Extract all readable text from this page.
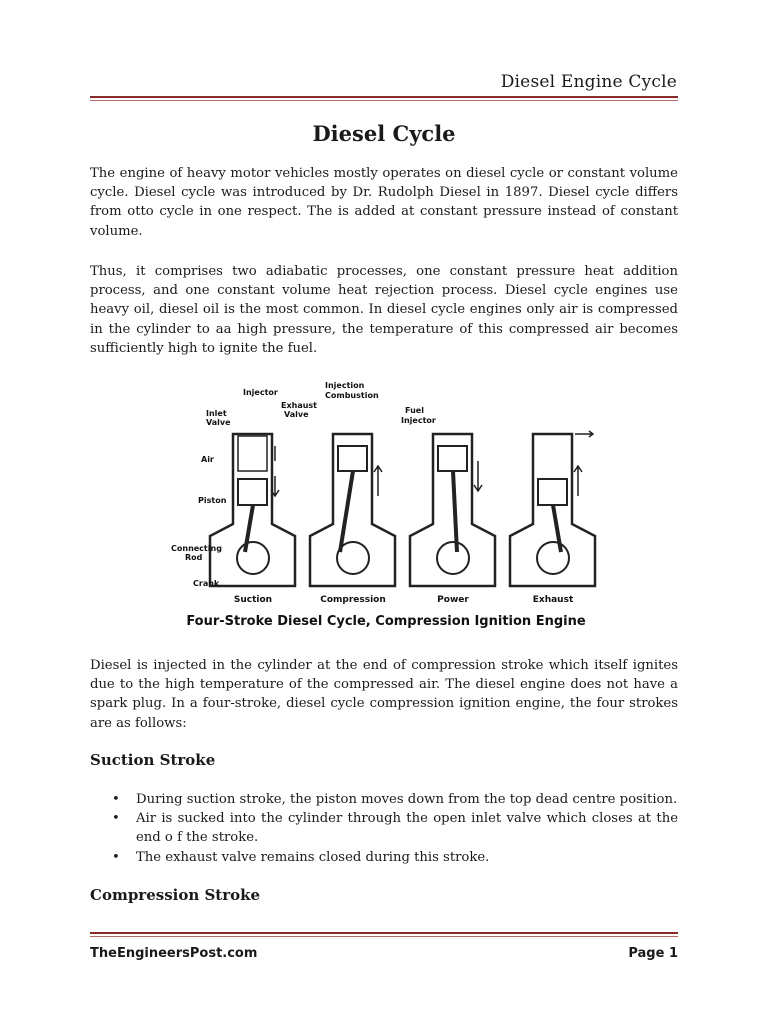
Diesel Engine Cycle
Diesel Cycle
The engine of heavy motor vehicles mostly operates on diesel cycle or constant volume cycle. Diesel cycle was introduced by Dr. Rudolph Diesel in 1897. Diesel cycle differs from otto cycle in one respect. The is added at constant pressure instead of constant volume.
Thus, it comprises two adiabatic processes, one constant pressure heat addition process, and one constant volume heat rejection process. Diesel cycle engines use heavy oil, diesel oil is the most common. In diesel cycle engines only air is compressed in the cylinder to aa high pressure, the temperature of this compressed air becomes sufficiently high to ignite the fuel.
Injector
Exhaust
Valve
Inlet
Valve
Air
Piston
Connecting
Rod
Crank
Injection
Combustion
Fuel
Injector
Suction	Compression	Power	Exhaust
Four-Stroke Diesel Cycle, Compression Ignition Engine
Diesel is injected in the cylinder at the end of compression stroke which itself ignites due to the high temperature of the compressed air. The diesel engine does not have a spark plug. In a four-stroke, diesel cycle compression ignition engine, the four strokes are as follows:
Suction Stroke
• During suction stroke, the piston moves down from the top dead centre position.
• Air is sucked into the cylinder through the open inlet valve which closes at the end o f the stroke.
• The exhaust valve remains closed during this stroke.
Compression Stroke
TheEngineersPost.com	Page 1
